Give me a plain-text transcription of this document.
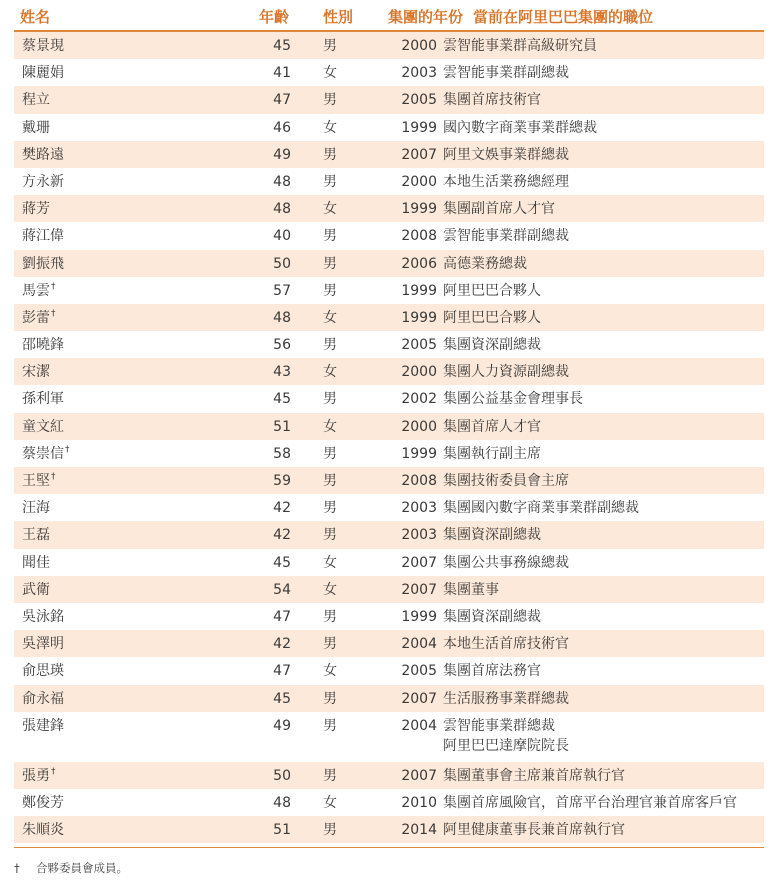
姓名	年齡	性別	集團的年份 當前在阿里巴巴集團的職位
蔡景現	45	男	2000	雲智能事業群高級研究員

陳麗娟	41	女	2003	雲智能事業群副總裁

程立	47	男	2005	集團首席技術官

戴珊	46	女	1999	國內數字商業事業群總裁

樊路遠	49	男	2007	阿里文娛事業群總裁

方永新	48	男	2000	本地生活業務總經理

蔣芳	48	女	1999	集團副首席人才官

蔣江偉	40	男	2008	雲智能事業群副總裁

劉振飛	50	男	2006	高德業務總裁

馬雲†	57	男	1999	阿里巴巴合夥人

彭蕾†	48	女	1999	阿里巴巴合夥人

邵曉鋒	56	男	2005	集團資深副總裁

宋潔	43	女	2000	集團人力資源副總裁

孫利軍	45	男	2002	集團公益基金會理事長

童文紅	51	女	2000	集團首席人才官

蔡崇信†	58	男	1999	集團執行副主席

王堅†	59	男	2008	集團技術委員會主席

汪海	42	男	2003	集團國內數字商業事業群副總裁

王磊	42	男	2003	集團資深副總裁

聞佳	45	女	2007	集團公共事務線總裁

武衛	54	女	2007	集團董事

吳泳銘	47	男	1999	集團資深副總裁

吳澤明	42	男	2004	本地生活首席技術官

俞思瑛	47	女	2005	集團首席法務官

俞永福	45	男	2007	生活服務事業群總裁

張建鋒	49	男	2004	雲智能事業群總裁
阿里巴巴達摩院院長

張勇†	50	男	2007	集團董事會主席兼首席執行官

鄭俊芳	48	女	2010	集團首席風險官，首席平台治理官兼首席客戶官

朱順炎	51	男	2014	阿里健康董事長兼首席執行官
† 合夥委員會成員。
